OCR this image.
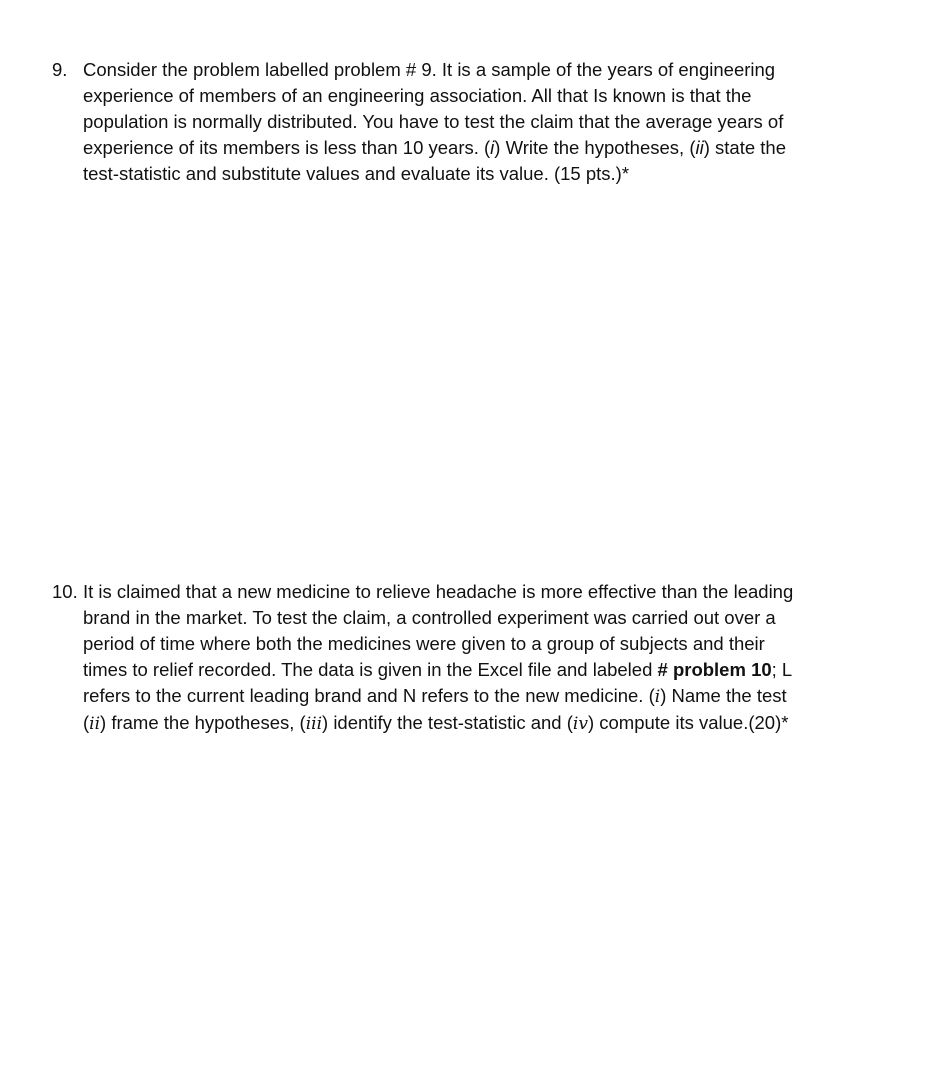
9. Consider the problem labelled problem # 9. It is a sample of the years of engineering
experience of members of an engineering association. All that Is known is that the
population is normally distributed. You have to test the claim that the average years of
experience of its members is less than 10 years. (i) Write the hypotheses, (ii) state the
test-statistic and substitute values and evaluate its value. (15 pts.)*
10. It is claimed that a new medicine to relieve headache is more effective than the leading
brand in the market. To test the claim, a controlled experiment was carried out over a
period of time where both the medicines were given to a group of subjects and their
times to relief recorded. The data is given in the Excel file and labeled # problem 10; L
refers to the current leading brand and N refers to the new medicine. (i) Name the test
(ii) frame the hypotheses, (iii) identify the test-statistic and (iv) compute its value.(20)*
